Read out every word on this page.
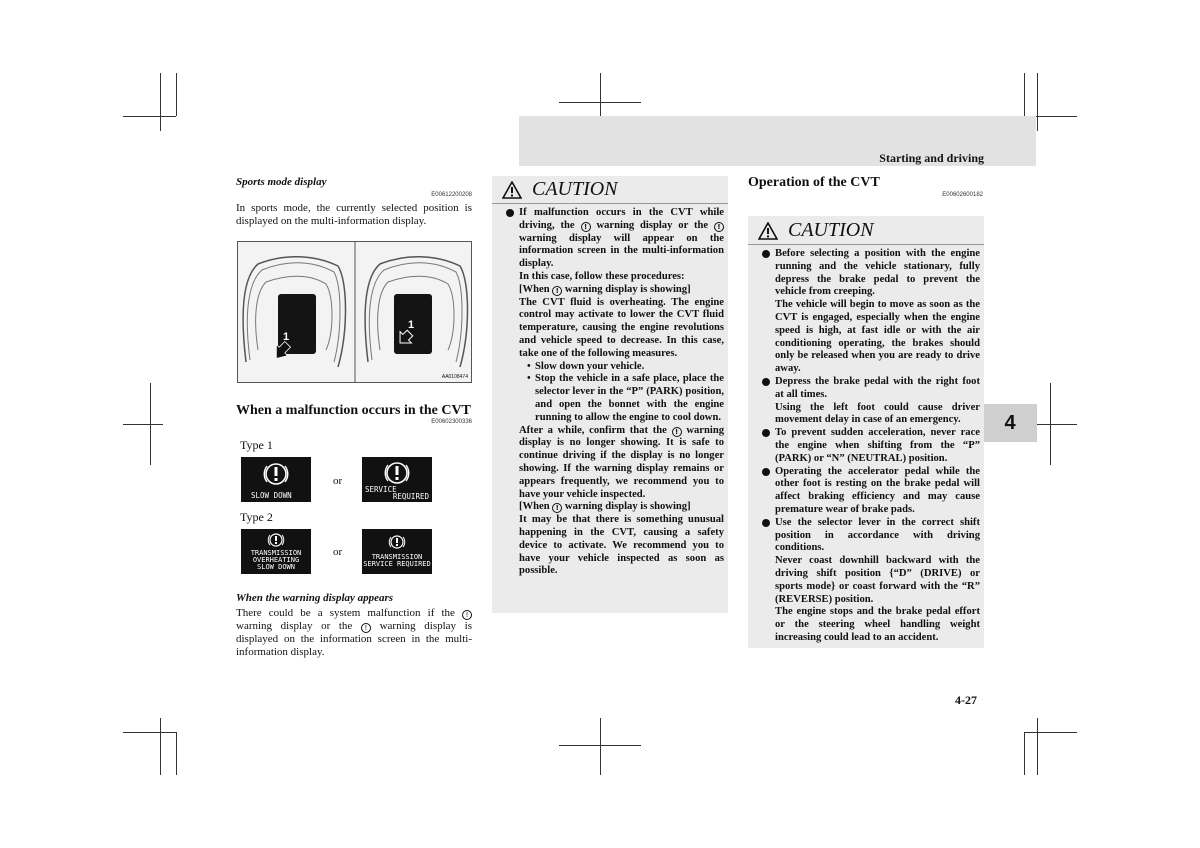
Starting and driving
4
4-27
Sports mode display
E00612200208
In sports mode, the currently selected position is displayed on the multi-information display.
1
1
AA0108474
When a malfunction occurs in the CVT
E00602300336
Type 1
SLOW DOWN
or
SERVICE
REQUIRED
Type 2
TRANSMISSION
OVERHEATING
SLOW DOWN
or	TRANSMISSION
SERVICE REQUIRED
When the warning display appears
There could be a system malfunction if the ! warning display or the ! warning display is displayed on the information screen in the multi-information display.
CAUTION
If malfunction occurs in the CVT while driving, the ! warning display or the ! warning display will appear on the information screen in the multi-information display.
In this case, follow these procedures:
[When ! warning display is showing]
The CVT fluid is overheating. The engine control may activate to lower the CVT fluid temperature, causing the engine revolutions and vehicle speed to decrease. In this case, take one of the following measures.
• Slow down your vehicle.
• Stop the vehicle in a safe place, place the selector lever in the “P” (PARK) position, and open the bonnet with the engine running to allow the engine to cool down.
After a while, confirm that the ! warning display is no longer showing. It is safe to continue driving if the display is no longer showing. If the warning display remains or appears frequently, we recommend you to have your vehicle inspected.
[When ! warning display is showing]
It may be that there is something unusual happening in the CVT, causing a safety device to activate. We recommend you to have your vehicle inspected as soon as possible.
Operation of the CVT
E00602600182
CAUTION
Before selecting a position with the engine running and the vehicle stationary, fully depress the brake pedal to prevent the vehicle from creeping.
The vehicle will begin to move as soon as the CVT is engaged, especially when the engine speed is high, at fast idle or with the air conditioning operating, the brakes should only be released when you are ready to drive away.
Depress the brake pedal with the right foot at all times.
Using the left foot could cause driver movement delay in case of an emergency.
To prevent sudden acceleration, never race the engine when shifting from the “P” (PARK) or “N” (NEUTRAL) position.
Operating the accelerator pedal while the other foot is resting on the brake pedal will affect braking efficiency and may cause premature wear of brake pads.
Use the selector lever in the correct shift position in accordance with driving conditions.
Never coast downhill backward with the driving shift position {“D” (DRIVE) or sports mode} or coast forward with the “R” (REVERSE) position.
The engine stops and the brake pedal effort or the steering wheel handling weight increasing could lead to an accident.
